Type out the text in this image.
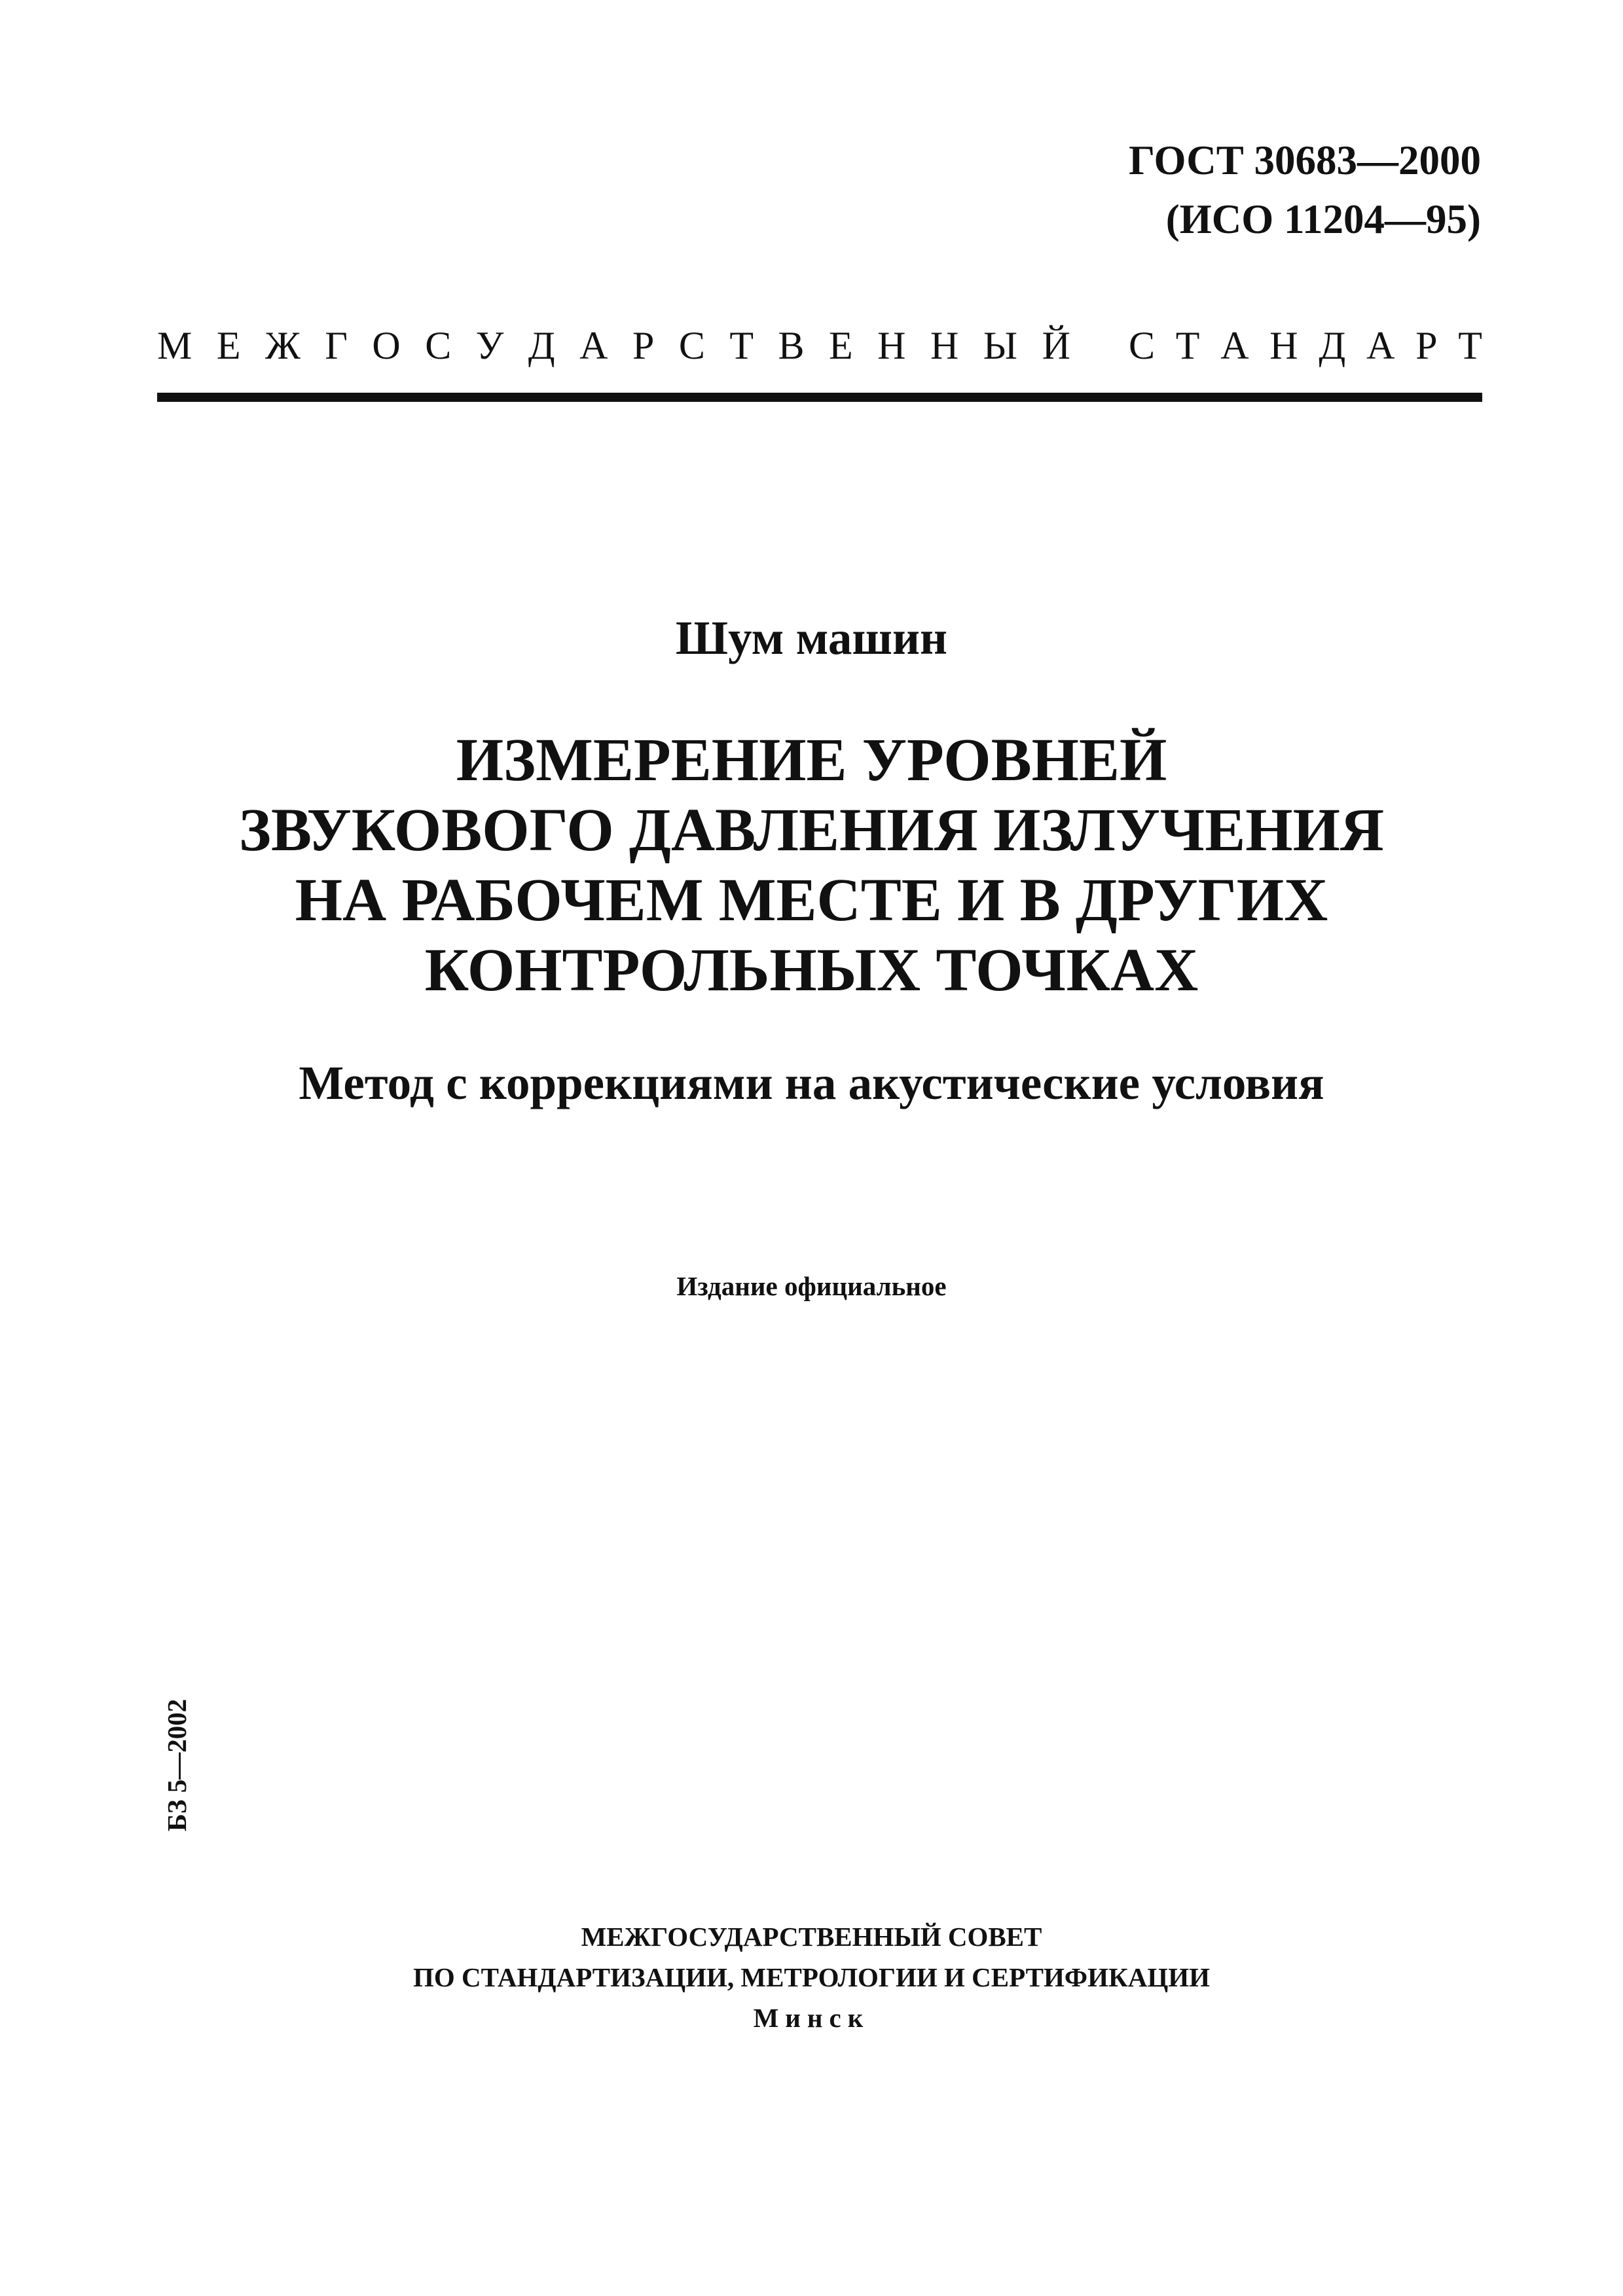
ГОСТ 30683—2000
(ИСО 11204—95)
М Е Ж Г О С У Д А Р С Т В Е Н Н Ы Й С Т А Н Д А Р Т
Шум машин
ИЗМЕРЕНИЕ УРОВНЕЙ
ЗВУКОВОГО ДАВЛЕНИЯ ИЗЛУЧЕНИЯ
НА РАБОЧЕМ МЕСТЕ И В ДРУГИХ
КОНТРОЛЬНЫХ ТОЧКАХ
Метод с коррекциями на акустические условия
Издание официальное
БЗ 5—2002
МЕЖГОСУДАРСТВЕННЫЙ СОВЕТ
ПО СТАНДАРТИЗАЦИИ, МЕТРОЛОГИИ И СЕРТИФИКАЦИИ
Минск
